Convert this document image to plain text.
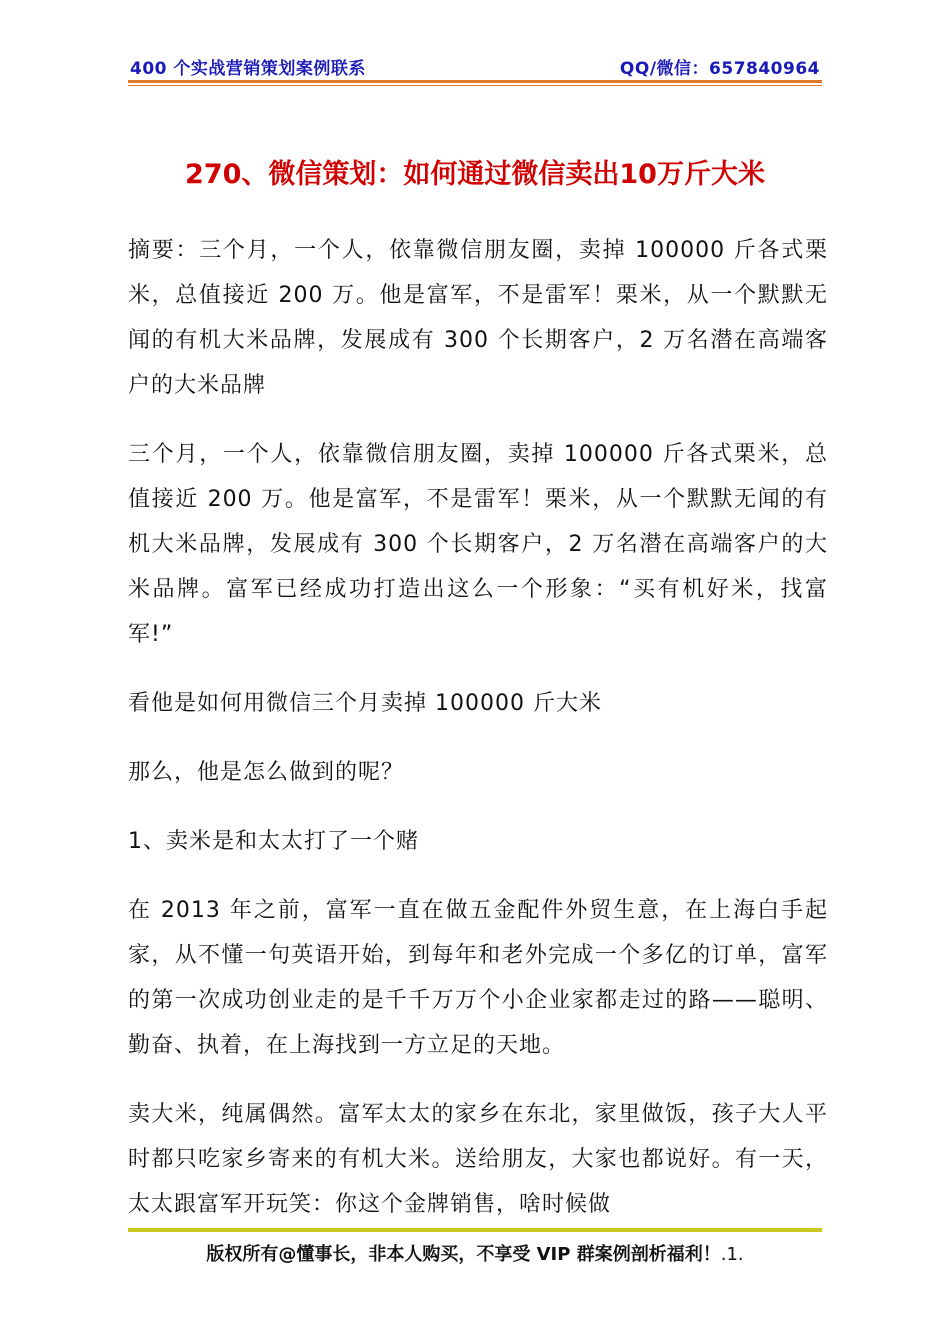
400 个实战营销策划案例联系	QQ/微信：657840964
270、微信策划：如何通过微信卖出10万斤大米

摘要：三个月，一个人，依靠微信朋友圈，卖掉 100000 斤各式栗米，总值接近 200 万。他是富军，不是雷军！栗米，从一个默默无闻的有机大米品牌，发展成有 300 个长期客户，2 万名潜在高端客户的大米品牌

三个月，一个人，依靠微信朋友圈，卖掉 100000 斤各式栗米，总值接近 200 万。他是富军，不是雷军！栗米，从一个默默无闻的有机大米品牌，发展成有 300 个长期客户，2 万名潜在高端客户的大米品牌。富军已经成功打造出这么一个形象：“买有机好米，找富军!”

看他是如何用微信三个月卖掉 100000 斤大米

那么，他是怎么做到的呢？

1、卖米是和太太打了一个赌

在 2013 年之前，富军一直在做五金配件外贸生意，在上海白手起家，从不懂一句英语开始，到每年和老外完成一个多亿的订单，富军的第一次成功创业走的是千千万万个小企业家都走过的路——聪明、勤奋、执着，在上海找到一方立足的天地。

卖大米，纯属偶然。富军太太的家乡在东北，家里做饭，孩子大人平时都只吃家乡寄来的有机大米。送给朋友，大家也都说好。有一天，太太跟富军开玩笑：你这个金牌销售，啥时候做

版权所有@懂事长，非本人购买，不享受 VIP 群案例剖析福利！.1.
